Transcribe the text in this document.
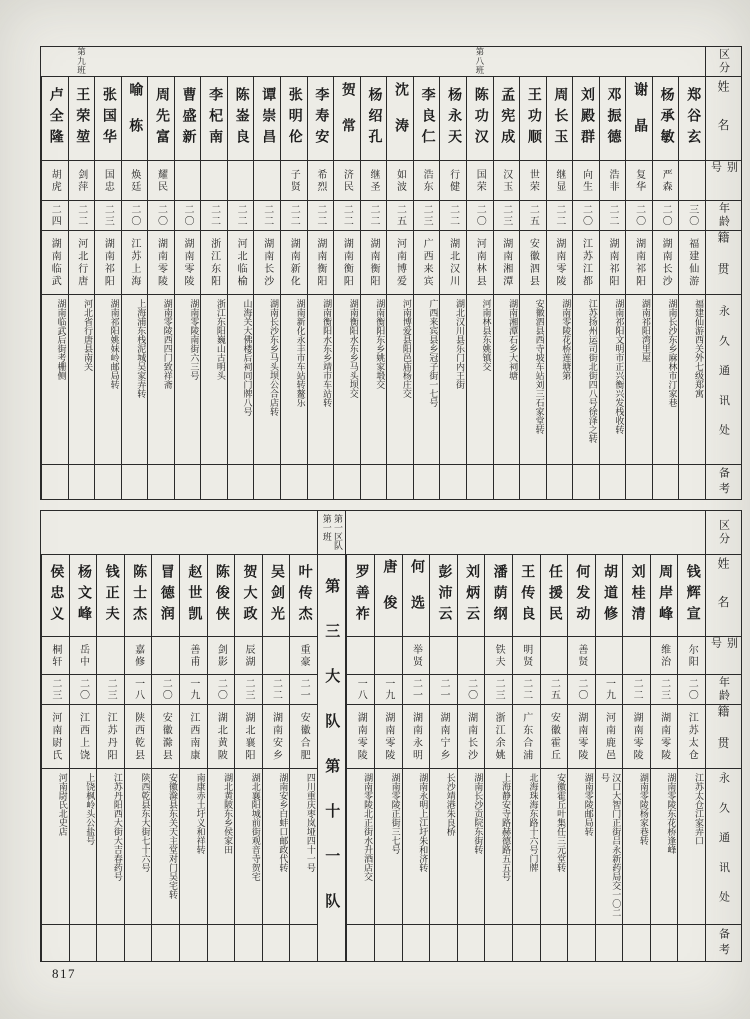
区分
姓名
别号
年龄
籍贯
永久通讯处
备考
郑谷玄
三〇
福建仙游
福建仙游西关外七级郑寓
杨承敏
严森
二〇
湖南长沙
湖南长沙东乡麻林市汀家巷
谢晶
复华
二〇
湖南祁阳
湖南祁阳湾里屋
邓振德
浩非
二二
湖南祁阳
湖南祁阳文明市正兴衡兴发栈收转
刘殿群
向生
二〇
江苏江都
江苏扬州运司街北街四八号徐泽之转
周长玉
继显
二二
湖南零陵
湖南零陵花桥莲塘第
王功顺
世荣
二五
安徽泗县
安徽泗县西寺坡车站刘三石家堂转
孟宪成
汉玉
二三
湖南湘潭
湖南湘潭石乡大祠塘
第八班
陈功汉
国荣
二〇
河南林县
河南林县东姚镇交
杨永天
行健
二二
湖北汉川
湖北汉川县乐门内王街
李良仁
浩东
二三
广西来宾
广西来宾县乡冠子街一七号
沈涛
如波
二五
河南博爱
河南博爱县阳邑庙杨庄交
杨绍孔
继圣
二二
湖南衡阳
湖南衡阳东乡姚家塅交
贺常
济民
二二
湖南衡阳
湖南衡阳水东乡马头坝交
李寿安
希烈
二二
湖南衡阳
湖南衡阳水东乡靖市车站转
张明伦
子贤
二二
湖南新化
湖南新化永丰市车站转鳌乐
谭崇昌
二二
湖南长沙
湖南长沙东乡马头坝公合店转
陈崟良
二二
河北临榆
山海关大佛楼后祠同门牌八号
李杞南
二二
浙江东阳
浙江东阳巍山古明头
曹盛新
二〇
湖南零陵
湖南零陵南街六三号
周先富
耀民
二〇
湖南零陵
湖南零陵西四门致祥斋
喻栋
焕廷
二〇
江苏上海
上海浦东栈泥城吴家弄转
张国华
国忠
二三
湖南祁阳
湖南祁阳姚妹岭邮局转
第九班
王荣堃
剑萍
二二
河北行唐
河北省行唐县南关
卢全隆
胡虎
二四
湖南临武
湖南临武后街考栅侧
区分
姓名
别号
年龄
籍贯
永久通讯处
备考
钱辉宣
尔阳
二〇
江苏太仓
江苏太仓江家弄口
周岸峰
维治
二三
湖南零陵
湖南零陵东花桥逢峰
刘桂清
二二
湖南零陵
湖南零陵杨家巷转
胡道修
一九
河南鹿邑
汉口大智门正街吕永新药局交一〇二号
何发动
善贤
二〇
湖南零陵
湖南零陵邮局转
任援民
二五
安徽霍丘
安徽霍丘叶集任三元堂转
王传良
明贤
二二
广东合浦
北海珠海东路十六号门牌
潘荫纲
铁夫
二三
浙江余姚
上海静安寺路赫德路五五号
刘炳云
二〇
湖南长沙
湖南长沙贡院东街转
彭沛云
二一
湖南宁乡
长沙靖港朱良桥
何选
举贤
二一
湖南永明
湖南永明上江圩朱和济转
唐俊
一九
湖南零陵
湖南零陵正街三七号
罗善祚
一八
湖南零陵
湖南零陵北正街水升酒店交
第一区队第一班
第三大队第十一队
叶传杰
重豪
二一
安徽合肥
四川重庆枣岚垭四十一号
吴剑光
二二
湖南安乡
湖南安乡白蚌口邮政代转
贺大政
辰湖
二三
湖北襄阳
湖北襄阳城前街观音寺贺宅
陈俊侠
剑影
二〇
湖北黄陂
湖北黄陂东乡侯家田
赵世凯
善甫
一九
江西南康
南康赤土圩义和祥转
冒德润
二〇
安徽滁县
安徽滁县东关天主堂对门吴宅转
陈士杰
嘉修
一八
陕西乾县
陕西乾县东大街七十六号
钱正夫
二三
江苏丹阳
江苏丹阳西大街大吉春药号
杨文峰
岳中
二〇
江西上饶
上饶枫岭头公盐号
侯忠义
桐轩
二三
河南尉氏
河南尉氏北史店
817
